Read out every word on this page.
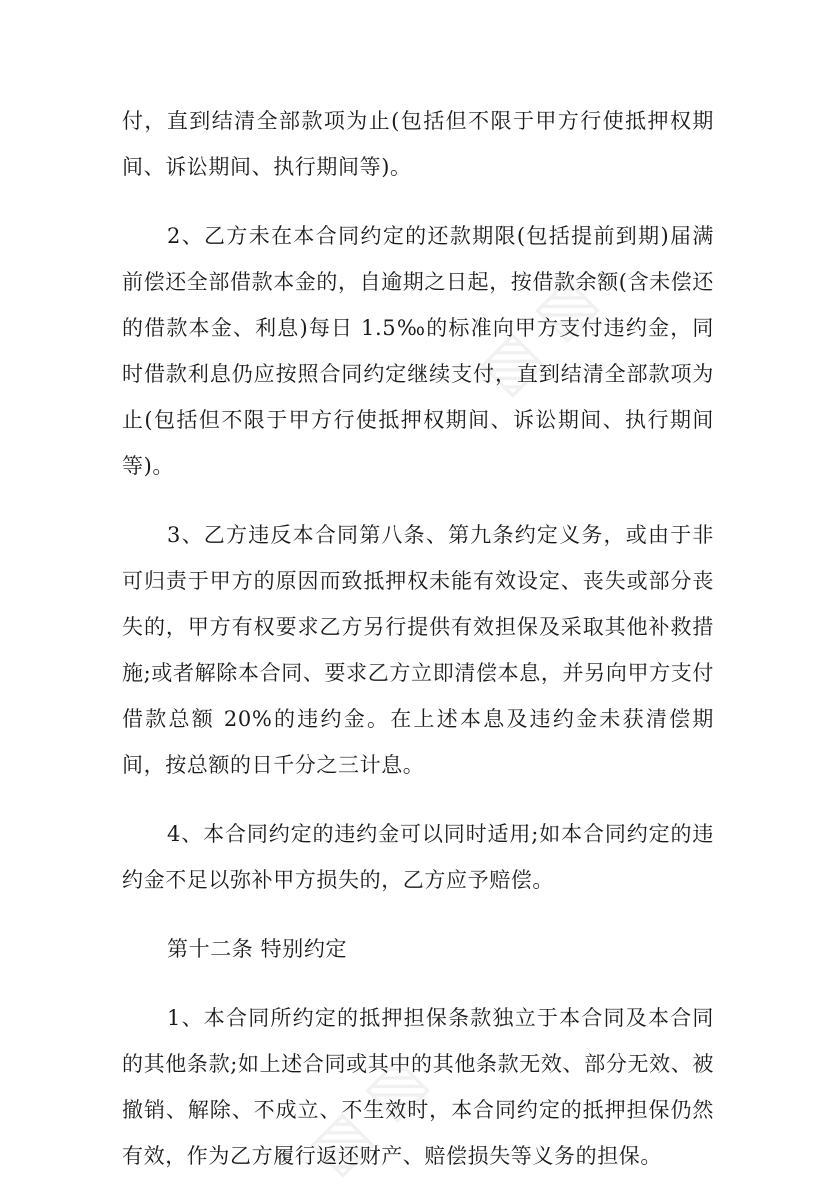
▧ ▧
▧ ▧

付，直到结清全部款项为止(包括但不限于甲方行使抵押权期间、诉讼期间、执行期间等)。

2、乙方未在本合同约定的还款期限(包括提前到期)届满前偿还全部借款本金的，自逾期之日起，按借款余额(含未偿还的借款本金、利息)每日 1.5‰的标准向甲方支付违约金，同时借款利息仍应按照合同约定继续支付，直到结清全部款项为止(包括但不限于甲方行使抵押权期间、诉讼期间、执行期间等)。

3、乙方违反本合同第八条、第九条约定义务，或由于非可归责于甲方的原因而致抵押权未能有效设定、丧失或部分丧失的，甲方有权要求乙方另行提供有效担保及采取其他补救措施;或者解除本合同、要求乙方立即清偿本息，并另向甲方支付借款总额 20%的违约金。在上述本息及违约金未获清偿期间，按总额的日千分之三计息。

4、本合同约定的违约金可以同时适用;如本合同约定的违约金不足以弥补甲方损失的，乙方应予赔偿。

第十二条 特别约定

1、本合同所约定的抵押担保条款独立于本合同及本合同的其他条款;如上述合同或其中的其他条款无效、部分无效、被撤销、解除、不成立、不生效时，本合同约定的抵押担保仍然有效，作为乙方履行返还财产、赔偿损失等义务的担保。
